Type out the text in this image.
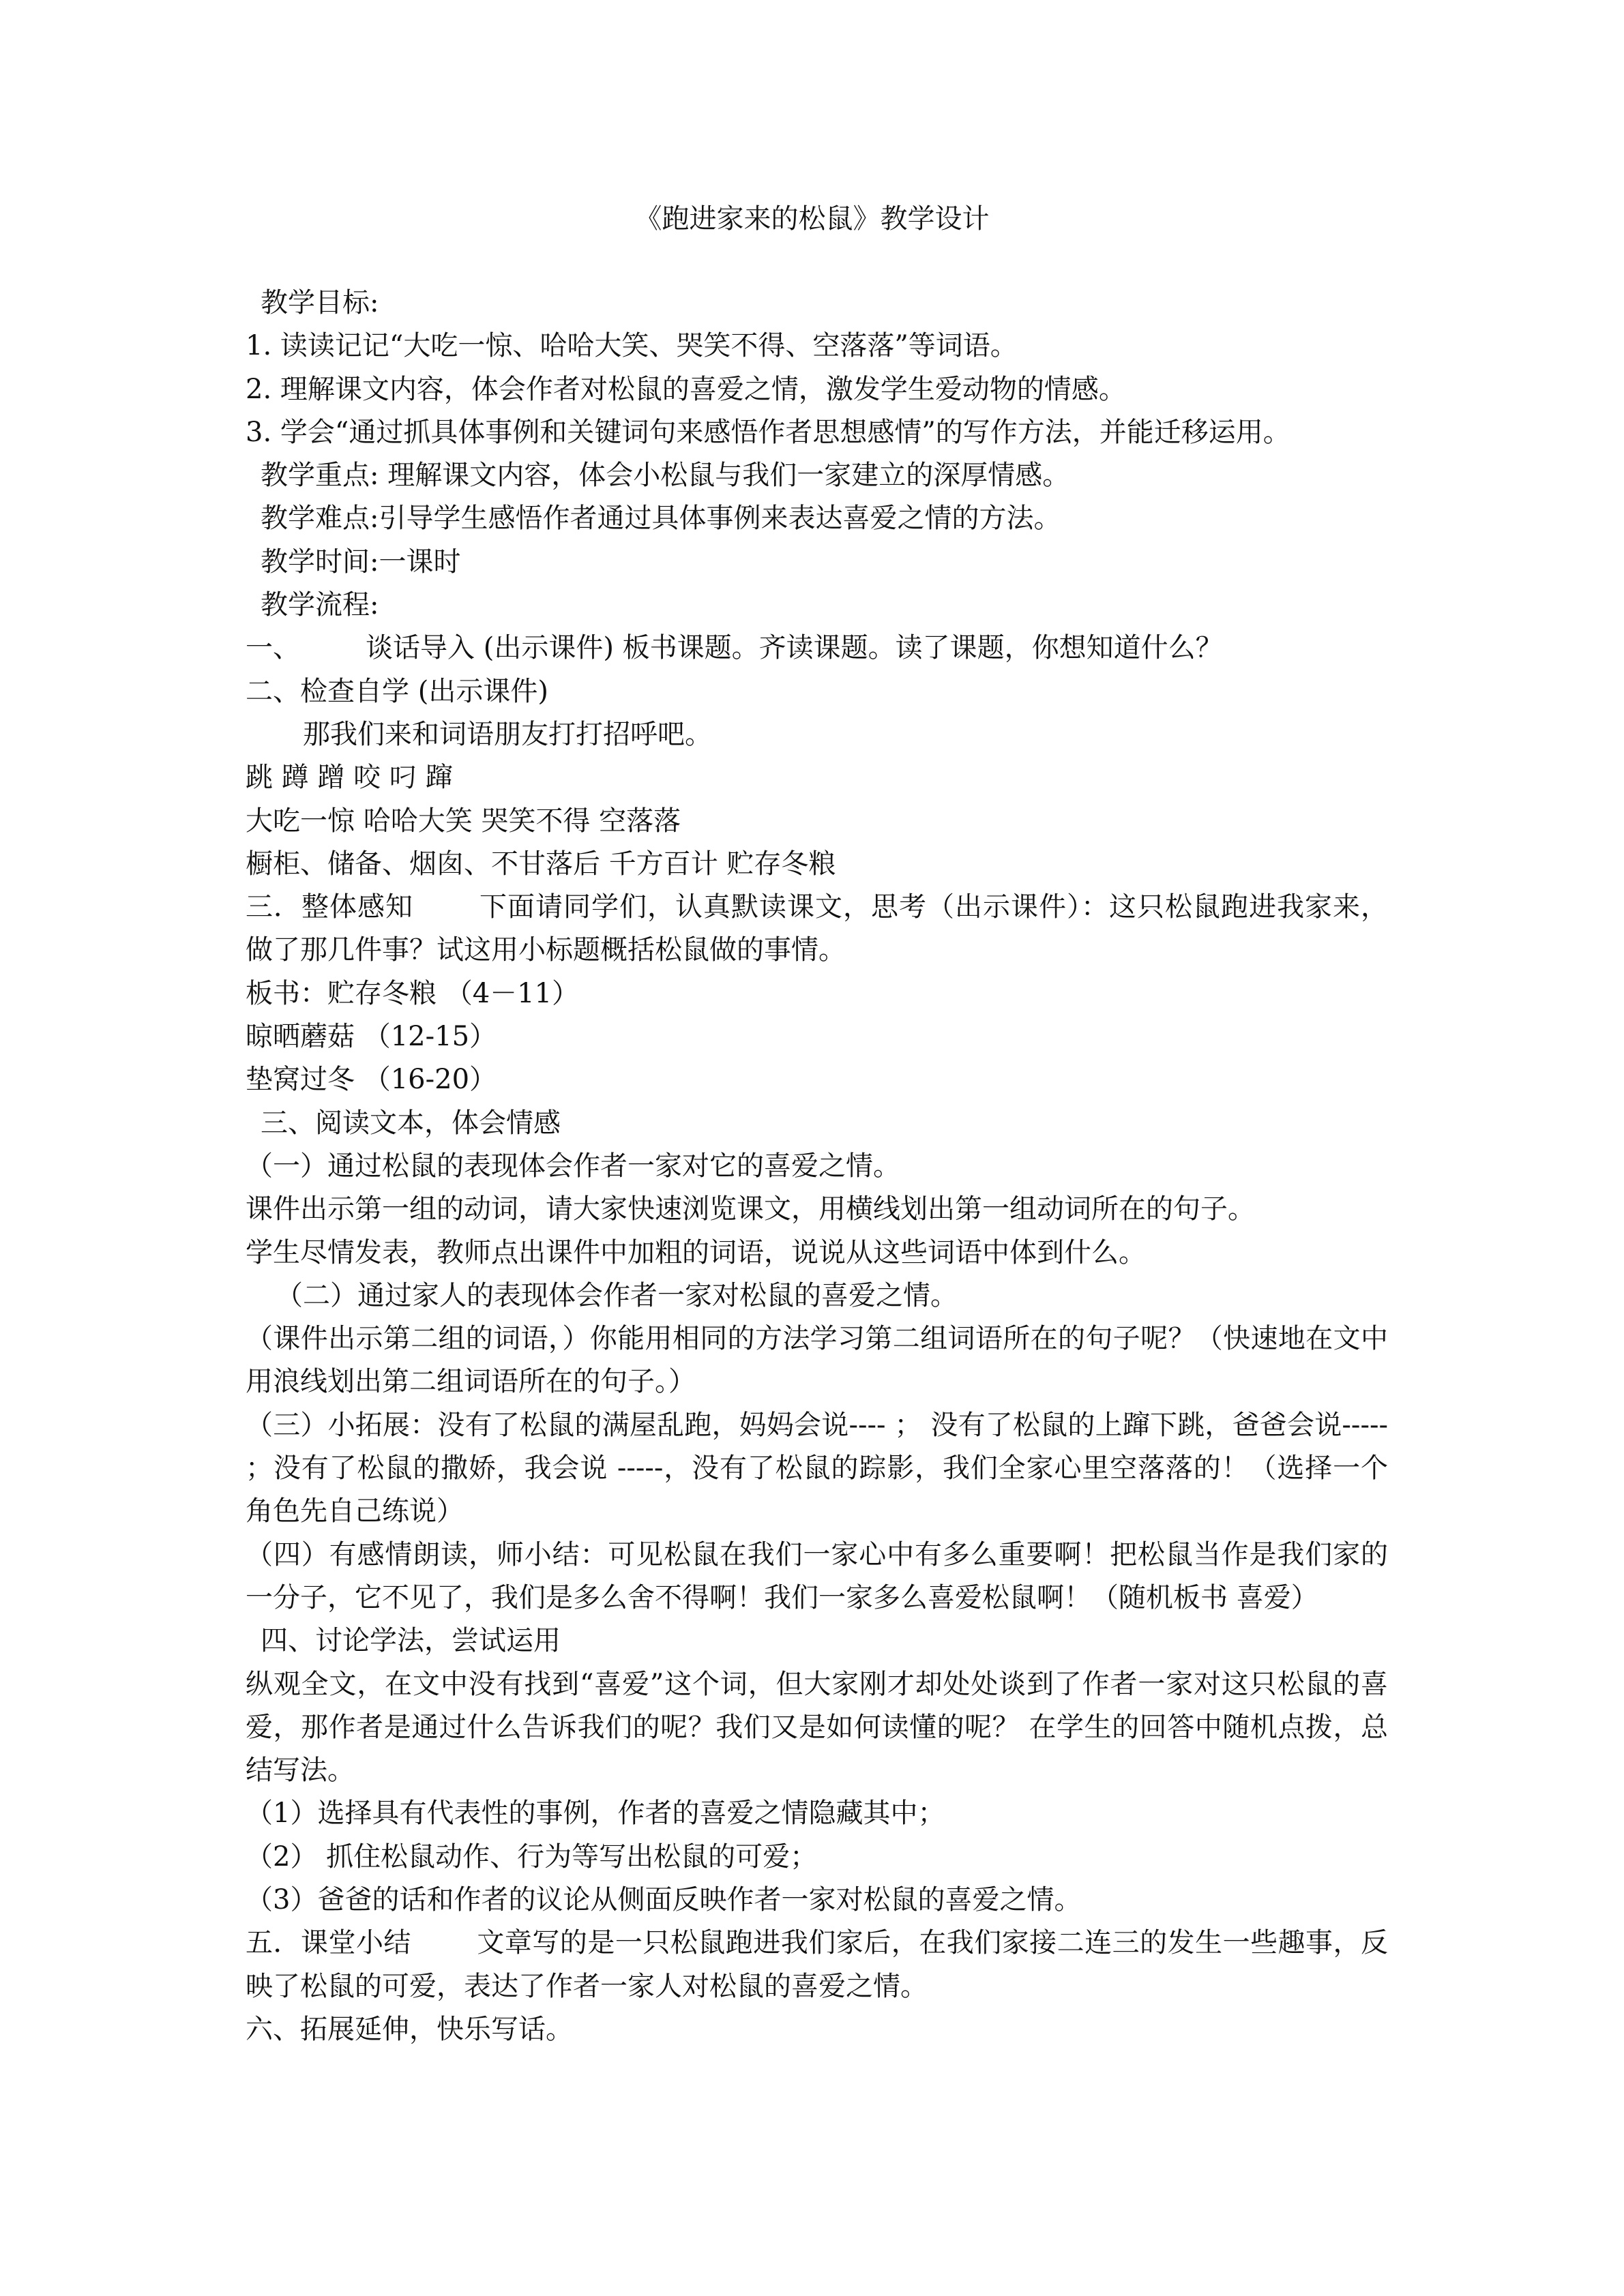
《跑进家来的松鼠》教学设计
教学目标:
1. 读读记记“大吃一惊、哈哈大笑、哭笑不得、空落落”等词语。
2. 理解课文内容，体会作者对松鼠的喜爱之情，激发学生爱动物的情感。
3. 学会“通过抓具体事例和关键词句来感悟作者思想感情”的写作方法，并能迁移运用。
教学重点: 理解课文内容，体会小松鼠与我们一家建立的深厚情感。
教学难点:引导学生感悟作者通过具体事例来表达喜爱之情的方法。
教学时间:一课时
教学流程:
一、 谈话导入 (出示课件) 板书课题。齐读课题。读了课题，你想知道什么？
二、检查自学 (出示课件)
那我们来和词语朋友打打招呼吧。
跳 蹲 蹭 咬 叼 蹿
大吃一惊 哈哈大笑 哭笑不得 空落落
橱柜、储备、烟囱、不甘落后 千方百计 贮存冬粮
三．整体感知 下面请同学们，认真默读课文，思考（出示课件）：这只松鼠跑进我家来，做了那几件事？试这用小标题概括松鼠做的事情。
板书：贮存冬粮 （4－11）
晾晒蘑菇 （12-15）
垫窝过冬 （16-20）
三、阅读文本，体会情感
（一）通过松鼠的表现体会作者一家对它的喜爱之情。
课件出示第一组的动词，请大家快速浏览课文，用横线划出第一组动词所在的句子。
学生尽情发表，教师点出课件中加粗的词语，说说从这些词语中体到什么。
（二）通过家人的表现体会作者一家对松鼠的喜爱之情。
（课件出示第二组的词语，）你能用相同的方法学习第二组词语所在的句子呢？（快速地在文中用浪线划出第二组词语所在的句子。）
（三）小拓展：没有了松鼠的满屋乱跑，妈妈会说---- ； 没有了松鼠的上蹿下跳，爸爸会说----- ；没有了松鼠的撒娇，我会说 -----，没有了松鼠的踪影，我们全家心里空落落的！（选择一个角色先自己练说）
（四）有感情朗读，师小结：可见松鼠在我们一家心中有多么重要啊！把松鼠当作是我们家的一分子，它不见了，我们是多么舍不得啊！我们一家多么喜爱松鼠啊！（随机板书 喜爱）
四、讨论学法，尝试运用
纵观全文，在文中没有找到“喜爱”这个词，但大家刚才却处处谈到了作者一家对这只松鼠的喜爱，那作者是通过什么告诉我们的呢？我们又是如何读懂的呢？ 在学生的回答中随机点拨，总结写法。
（1）选择具有代表性的事例，作者的喜爱之情隐藏其中；
（2） 抓住松鼠动作、行为等写出松鼠的可爱；
（3）爸爸的话和作者的议论从侧面反映作者一家对松鼠的喜爱之情。
五．课堂小结 文章写的是一只松鼠跑进我们家后，在我们家接二连三的发生一些趣事，反映了松鼠的可爱，表达了作者一家人对松鼠的喜爱之情。
六、拓展延伸，快乐写话。
